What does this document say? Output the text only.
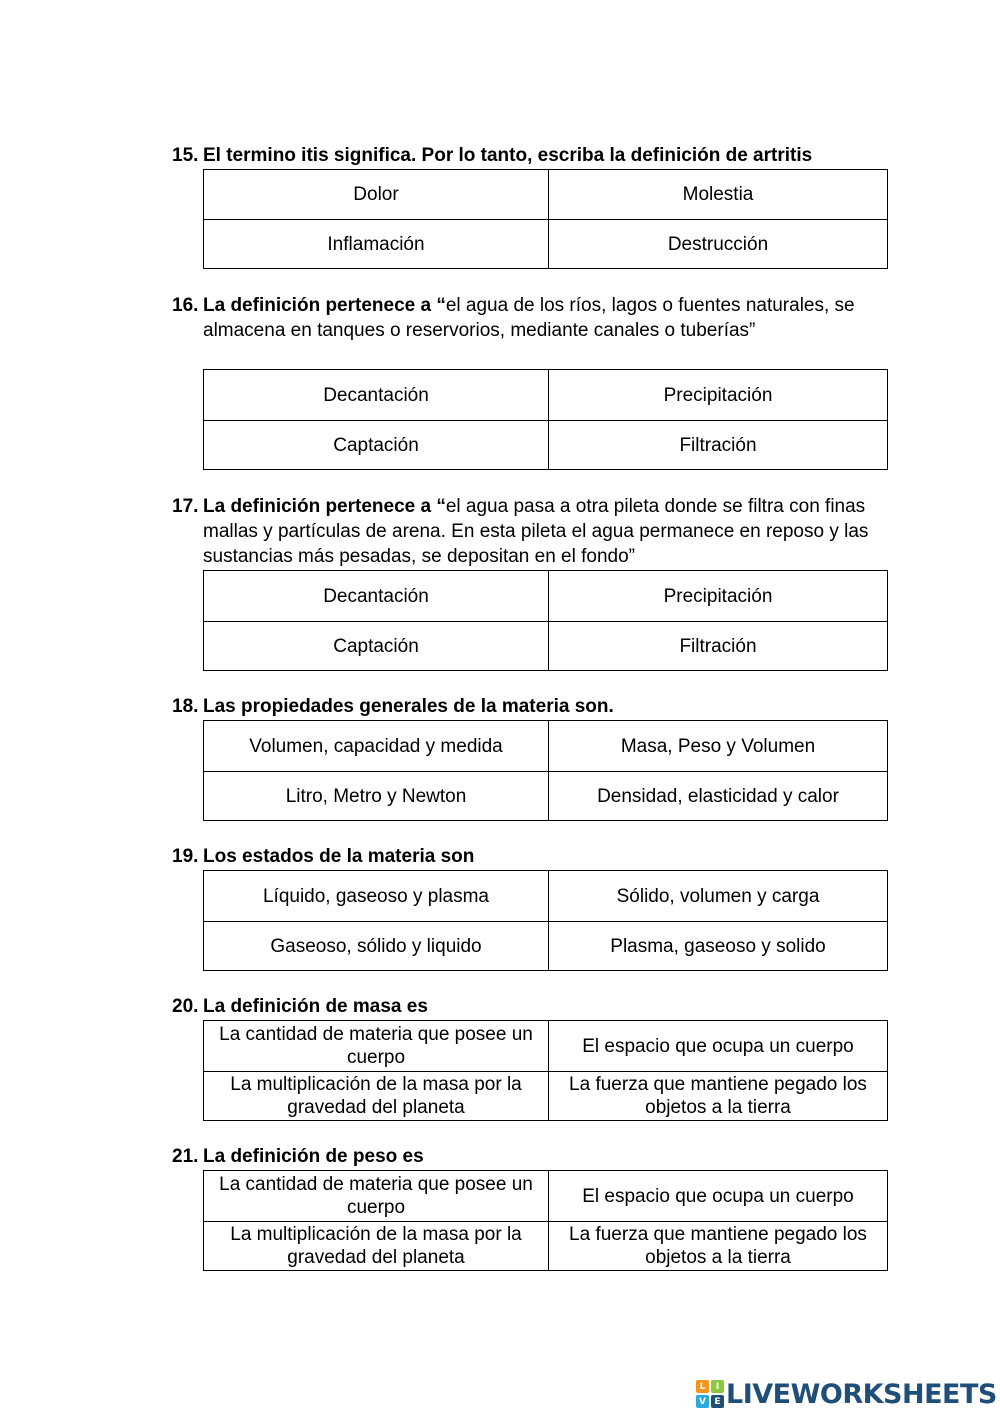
15. El termino itis significa. Por lo tanto, escriba la definición de artritis
Dolor	Molestia
Inflamación	Destrucción
16. La definición pertenece a “el agua de los ríos, lagos o fuentes naturales, se almacena en tanques o reservorios, mediante canales o tuberías”
Decantación	Precipitación
Captación	Filtración
17. La definición pertenece a “el agua pasa a otra pileta donde se filtra con finas mallas y partículas de arena. En esta pileta el agua permanece en reposo y las sustancias más pesadas, se depositan en el fondo”
Decantación	Precipitación
Captación	Filtración
18. Las propiedades generales de la materia son.
Volumen, capacidad y medida	Masa, Peso y Volumen
Litro, Metro y Newton	Densidad, elasticidad y calor
19. Los estados de la materia son
Líquido, gaseoso y plasma	Sólido, volumen y carga
Gaseoso, sólido y liquido	Plasma, gaseoso y solido
20. La definición de masa es
La cantidad de materia que posee un cuerpo	El espacio que ocupa un cuerpo
La multiplicación de la masa por la gravedad del planeta	La fuerza que mantiene pegado los objetos a la tierra
21. La definición de peso es
La cantidad de materia que posee un cuerpo	El espacio que ocupa un cuerpo
La multiplicación de la masa por la gravedad del planeta	La fuerza que mantiene pegado los objetos a la tierra
L	I
V E LIVEWORKSHEETS
